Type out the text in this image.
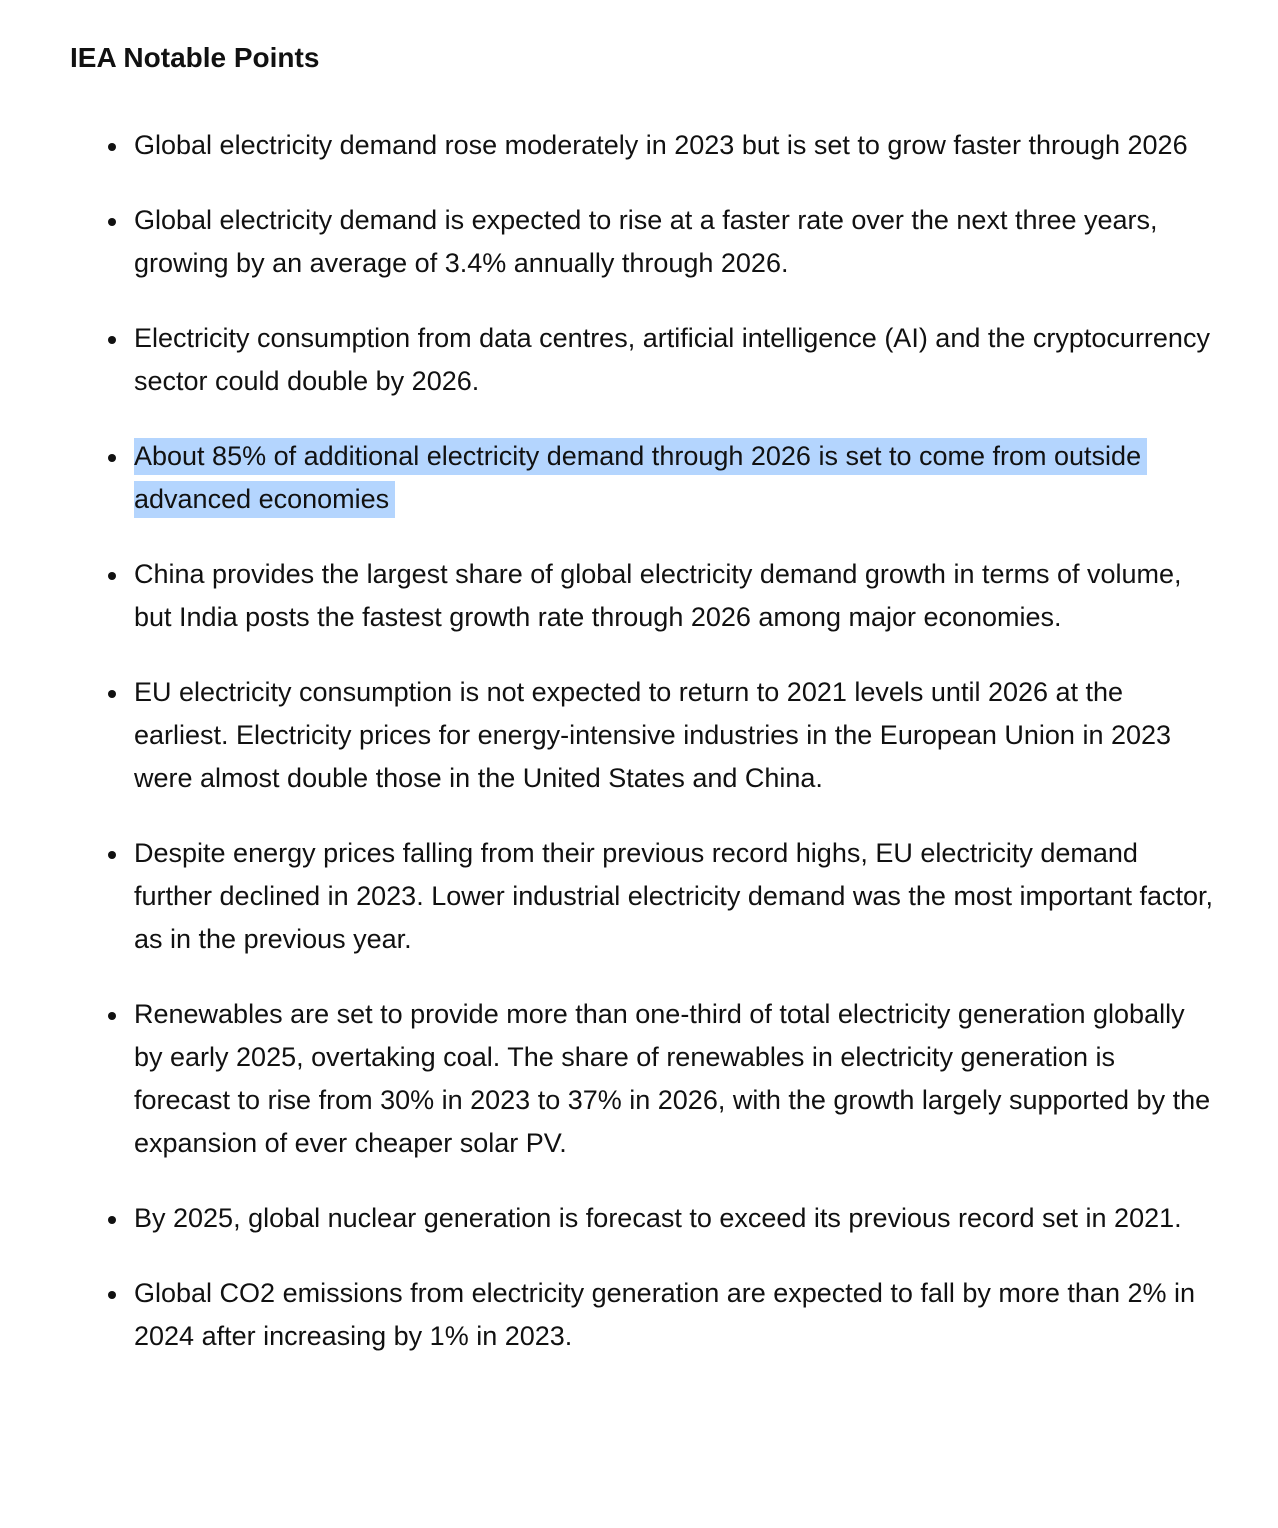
IEA Notable Points
Global electricity demand rose moderately in 2023 but is set to grow faster through 2026
Global electricity demand is expected to rise at a faster rate over the next three years, growing by an average of 3.4% annually through 2026.
Electricity consumption from data centres, artificial intelligence (AI) and the cryptocurrency sector could double by 2026.
About 85% of additional electricity demand through 2026 is set to come from outside advanced economies
China provides the largest share of global electricity demand growth in terms of volume, but India posts the fastest growth rate through 2026 among major economies.
EU electricity consumption is not expected to return to 2021 levels until 2026 at the earliest. Electricity prices for energy-intensive industries in the European Union in 2023 were almost double those in the United States and China.
Despite energy prices falling from their previous record highs, EU electricity demand further declined in 2023. Lower industrial electricity demand was the most important factor, as in the previous year.
Renewables are set to provide more than one-third of total electricity generation globally by early 2025, overtaking coal. The share of renewables in electricity generation is forecast to rise from 30% in 2023 to 37% in 2026, with the growth largely supported by the expansion of ever cheaper solar PV.
By 2025, global nuclear generation is forecast to exceed its previous record set in 2021.
Global CO2 emissions from electricity generation are expected to fall by more than 2% in 2024 after increasing by 1% in 2023.
